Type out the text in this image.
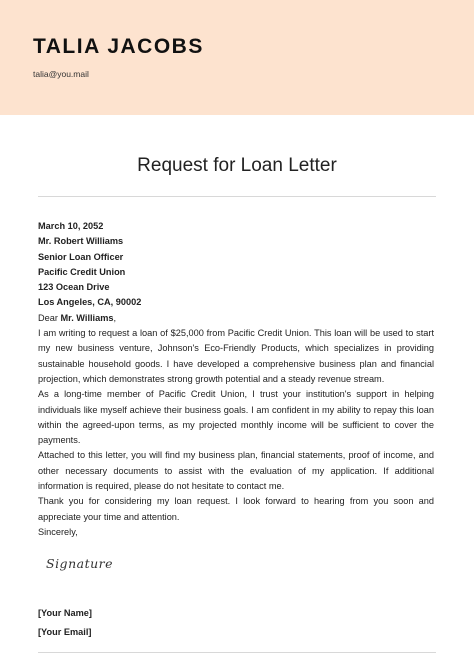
TALIA JACOBS
talia@you.mail
Request for Loan Letter
March 10, 2052
Mr. Robert Williams
Senior Loan Officer
Pacific Credit Union
123 Ocean Drive
Los Angeles, CA, 90002
Dear Mr. Williams,

I am writing to request a loan of $25,000 from Pacific Credit Union. This loan will be used to start my new business venture, Johnson's Eco-Friendly Products, which specializes in providing sustainable household goods. I have developed a comprehensive business plan and financial projection, which demonstrates strong growth potential and a steady revenue stream.

As a long-time member of Pacific Credit Union, I trust your institution's support in helping individuals like myself achieve their business goals. I am confident in my ability to repay this loan within the agreed-upon terms, as my projected monthly income will be sufficient to cover the payments.

Attached to this letter, you will find my business plan, financial statements, proof of income, and other necessary documents to assist with the evaluation of my application. If additional information is required, please do not hesitate to contact me.

Thank you for considering my loan request. I look forward to hearing from you soon and appreciate your time and attention.

Sincerely,
Signature
[Your Name]
[Your Email]
